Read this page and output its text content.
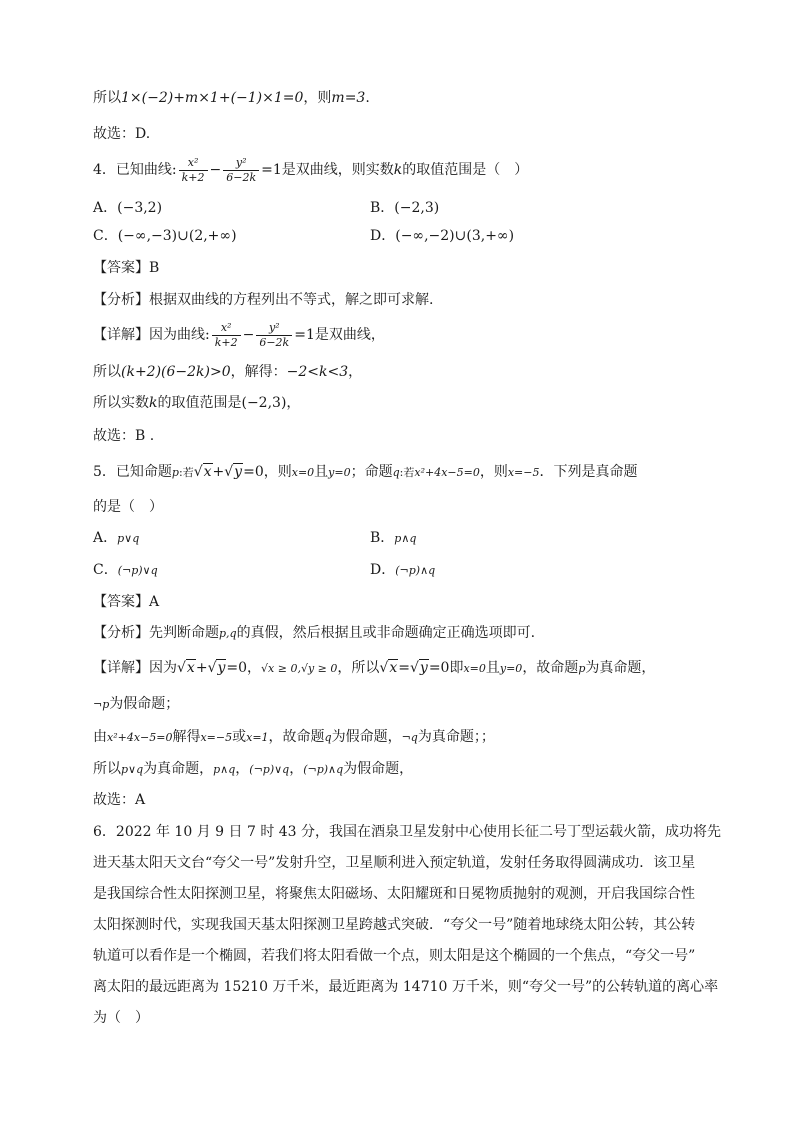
所以1×(−2)+m×1+(−1)×1=0，则m=3.
故选：D.
4．已知曲线: $\frac{\text{x²}}{k+2} - \frac{\text{y²}}{6-2k} =1$是双曲线，则实数k的取值范围是（　）
A．(−3,2)	B．(−2,3)
C．(−∞,−3)∪(2,+∞)	D．(−∞,−2)∪(3,+∞)
【答案】B
【分析】根据双曲线的方程列出不等式，解之即可求解.
【详解】因为曲线: $\frac{\text{x²}}{k+2} - \frac{\text{y²}}{6-2k} =1$是双曲线，
所以(k+2)(6−2k)>0，解得：−2<k<3，
所以实数k的取值范围是(−2,3)，
故选：B .
5．已知命题p:若√x+√y=0，则x=0且y=0；命题q:若x²+4x−5=0，则x=−5．下列是真命题
的是（　）
A．p∨q	B．p∧q
C．(¬p)∨q	D．(¬p)∧q
【答案】A
【分析】先判断命题p,q的真假，然后根据且或非命题确定正确选项即可.
【详解】因为√x+√y=0，√x ≥ 0,√y ≥ 0，所以√x=√y=0即x=0且y=0，故命题p为真命题，
¬p为假命题；
由x²+4x−5=0解得x=−5或x=1，故命题q为假命题，¬q为真命题；；
所以p∨q为真命题，p∧q，(¬p)∨q，(¬p)∧q为假命题，
故选：A
6．2022 年 10 月 9 日 7 时 43 分，我国在酒泉卫星发射中心使用长征二号丁型运载火箭，成功将先
进天基太阳天文台“夸父一号”发射升空，卫星顺利进入预定轨道，发射任务取得圆满成功．该卫星
是我国综合性太阳探测卫星，将聚焦太阳磁场、太阳耀斑和日冕物质抛射的观测，开启我国综合性
太阳探测时代，实现我国天基太阳探测卫星跨越式突破．“夸父一号”随着地球绕太阳公转，其公转
轨道可以看作是一个椭圆，若我们将太阳看做一个点，则太阳是这个椭圆的一个焦点，“夸父一号”
离太阳的最远距离为 15210 万千米，最近距离为 14710 万千米，则“夸父一号”的公转轨道的离心率
为（　）
